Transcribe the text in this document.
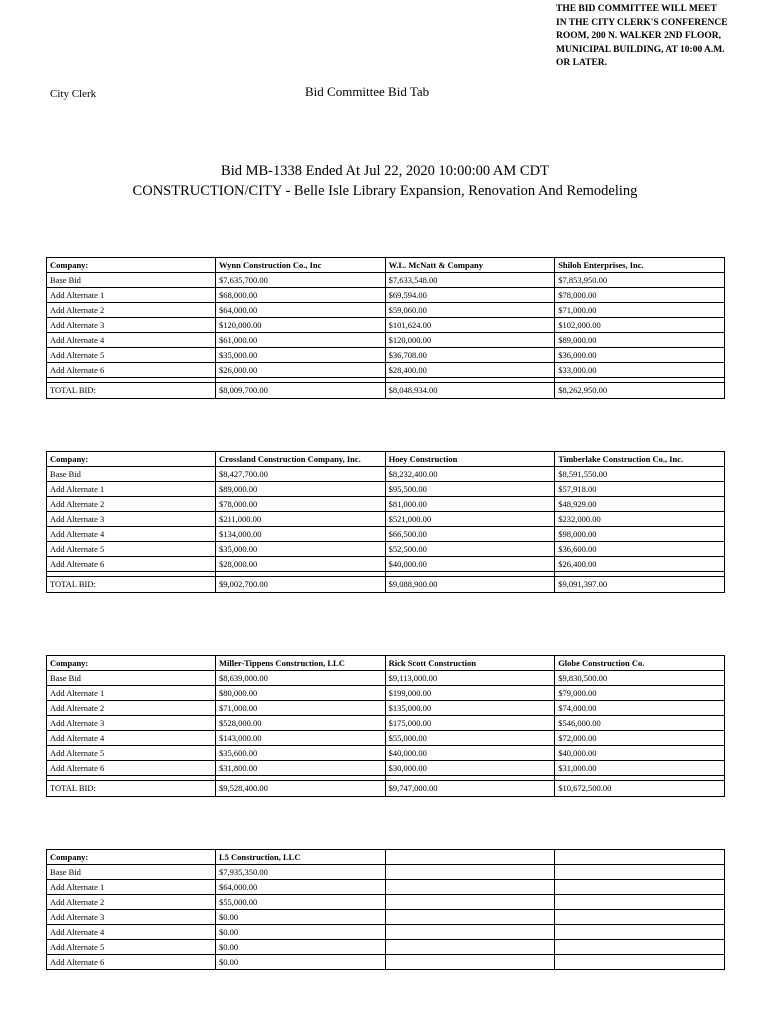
THE BID COMMITTEE WILL MEET
IN THE CITY CLERK'S CONFERENCE
ROOM, 200 N. WALKER 2ND FLOOR,
MUNICIPAL BUILDING, AT 10:00 A.M.
OR LATER.
City Clerk	Bid Committee Bid Tab
Bid MB-1338 Ended At Jul 22, 2020 10:00:00 AM CDT
CONSTRUCTION/CITY - Belle Isle Library Expansion, Renovation And Remodeling
Company:	Wynn Construction Co., Inc	W.L. McNatt & Company	Shiloh Enterprises, Inc.
Base Bid	$7,635,700.00	$7,633,548.00	$7,853,950.00
Add Alternate 1	$68,000.00	$69,594.00	$78,000.00
Add Alternate 2	$64,000.00	$59,060.00	$71,000.00
Add Alternate 3	$120,000.00	$101,624.00	$102,000.00
Add Alternate 4	$61,000.00	$120,000.00	$89,000.00
Add Alternate 5	$35,000.00	$36,708.00	$36,000.00
Add Alternate 6	$26,000.00	$28,400.00	$33,000.00

TOTAL BID:	$8,009,700.00	$8,048,934.00	$8,262,950.00
Company:	Crossland Construction Company, Inc.	Hoey Construction	Timberlake Construction Co., Inc.
Base Bid	$8,427,700.00	$8,232,400.00	$8,591,550.00
Add Alternate 1	$89,000.00	$95,500.00	$57,918.00
Add Alternate 2	$78,000.00	$81,000.00	$48,929.00
Add Alternate 3	$211,000.00	$521,000.00	$232,000.00
Add Alternate 4	$134,000.00	$66,500.00	$98,000.00
Add Alternate 5	$35,000.00	$52,500.00	$36,600.00
Add Alternate 6	$28,000.00	$40,000.00	$26,400.00

TOTAL BID:	$9,002,700.00	$9,088,900.00	$9,091,397.00
Company:	Miller-Tippens Construction, LLC	Rick Scott Construction	Globe Construction Co.
Base Bid	$8,639,000.00	$9,113,000.00	$9,830,500.00
Add Alternate 1	$80,000.00	$199,000.00	$79,000.00
Add Alternate 2	$71,000.00	$135,000.00	$74,000.00
Add Alternate 3	$528,000.00	$175,000.00	$546,000.00
Add Alternate 4	$143,000.00	$55,000.00	$72,000.00
Add Alternate 5	$35,600.00	$40,000.00	$40,000.00
Add Alternate 6	$31,800.00	$30,000.00	$31,000.00

TOTAL BID:	$9,528,400.00	$9,747,000.00	$10,672,500.00
Company:	L5 Construction, LLC		
Base Bid	$7,935,350.00		
Add Alternate 1	$64,000.00		
Add Alternate 2	$55,000.00		
Add Alternate 3	$0.00		
Add Alternate 4	$0.00		
Add Alternate 5	$0.00		
Add Alternate 6	$0.00		
